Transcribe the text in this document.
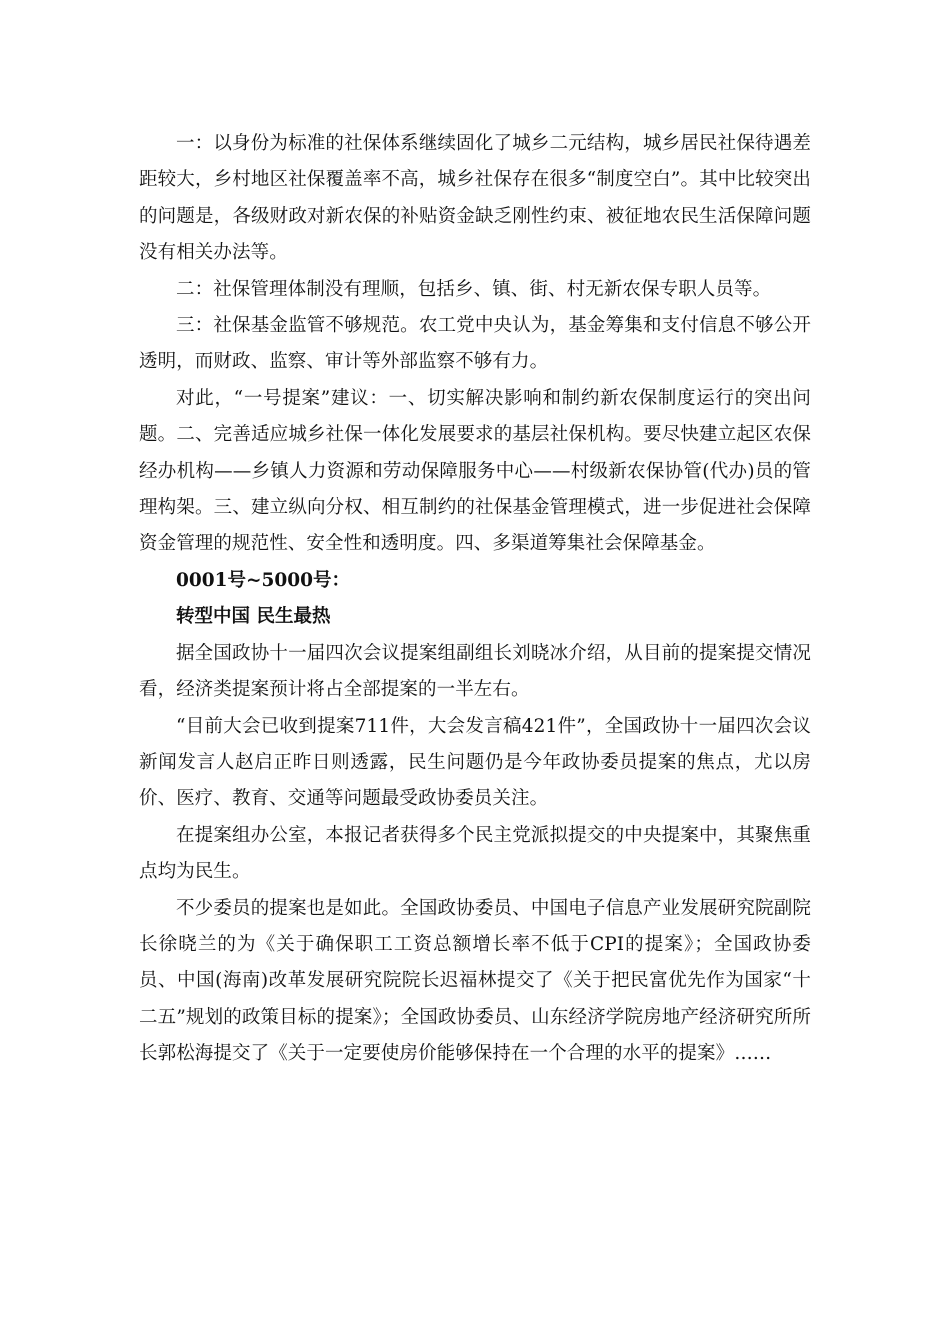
一：以身份为标准的社保体系继续固化了城乡二元结构，城乡居民社保待遇差距较大，乡村地区社保覆盖率不高，城乡社保存在很多“制度空白”。其中比较突出的问题是，各级财政对新农保的补贴资金缺乏刚性约束、被征地农民生活保障问题没有相关办法等。

二：社保管理体制没有理顺，包括乡、镇、街、村无新农保专职人员等。

三：社保基金监管不够规范。农工党中央认为，基金筹集和支付信息不够公开透明，而财政、监察、审计等外部监察不够有力。

对此，“一号提案”建议：一、切实解决影响和制约新农保制度运行的突出问题。二、完善适应城乡社保一体化发展要求的基层社保机构。要尽快建立起区农保经办机构——乡镇人力资源和劳动保障服务中心——村级新农保协管(代办)员的管理构架。三、建立纵向分权、相互制约的社保基金管理模式，进一步促进社会保障资金管理的规范性、安全性和透明度。四、多渠道筹集社会保障基金。

0001号~5000号：

转型中国 民生最热

据全国政协十一届四次会议提案组副组长刘晓冰介绍，从目前的提案提交情况看，经济类提案预计将占全部提案的一半左右。

“目前大会已收到提案711件，大会发言稿421件”，全国政协十一届四次会议新闻发言人赵启正昨日则透露，民生问题仍是今年政协委员提案的焦点，尤以房价、医疗、教育、交通等问题最受政协委员关注。

在提案组办公室，本报记者获得多个民主党派拟提交的中央提案中，其聚焦重点均为民生。

不少委员的提案也是如此。全国政协委员、中国电子信息产业发展研究院副院长徐晓兰的为《关于确保职工工资总额增长率不低于CPI的提案》；全国政协委员、中国(海南)改革发展研究院院长迟福林提交了《关于把民富优先作为国家“十二五”规划的政策目标的提案》；全国政协委员、山东经济学院房地产经济研究所所长郭松海提交了《关于一定要使房价能够保持在一个合理的水平的提案》……
